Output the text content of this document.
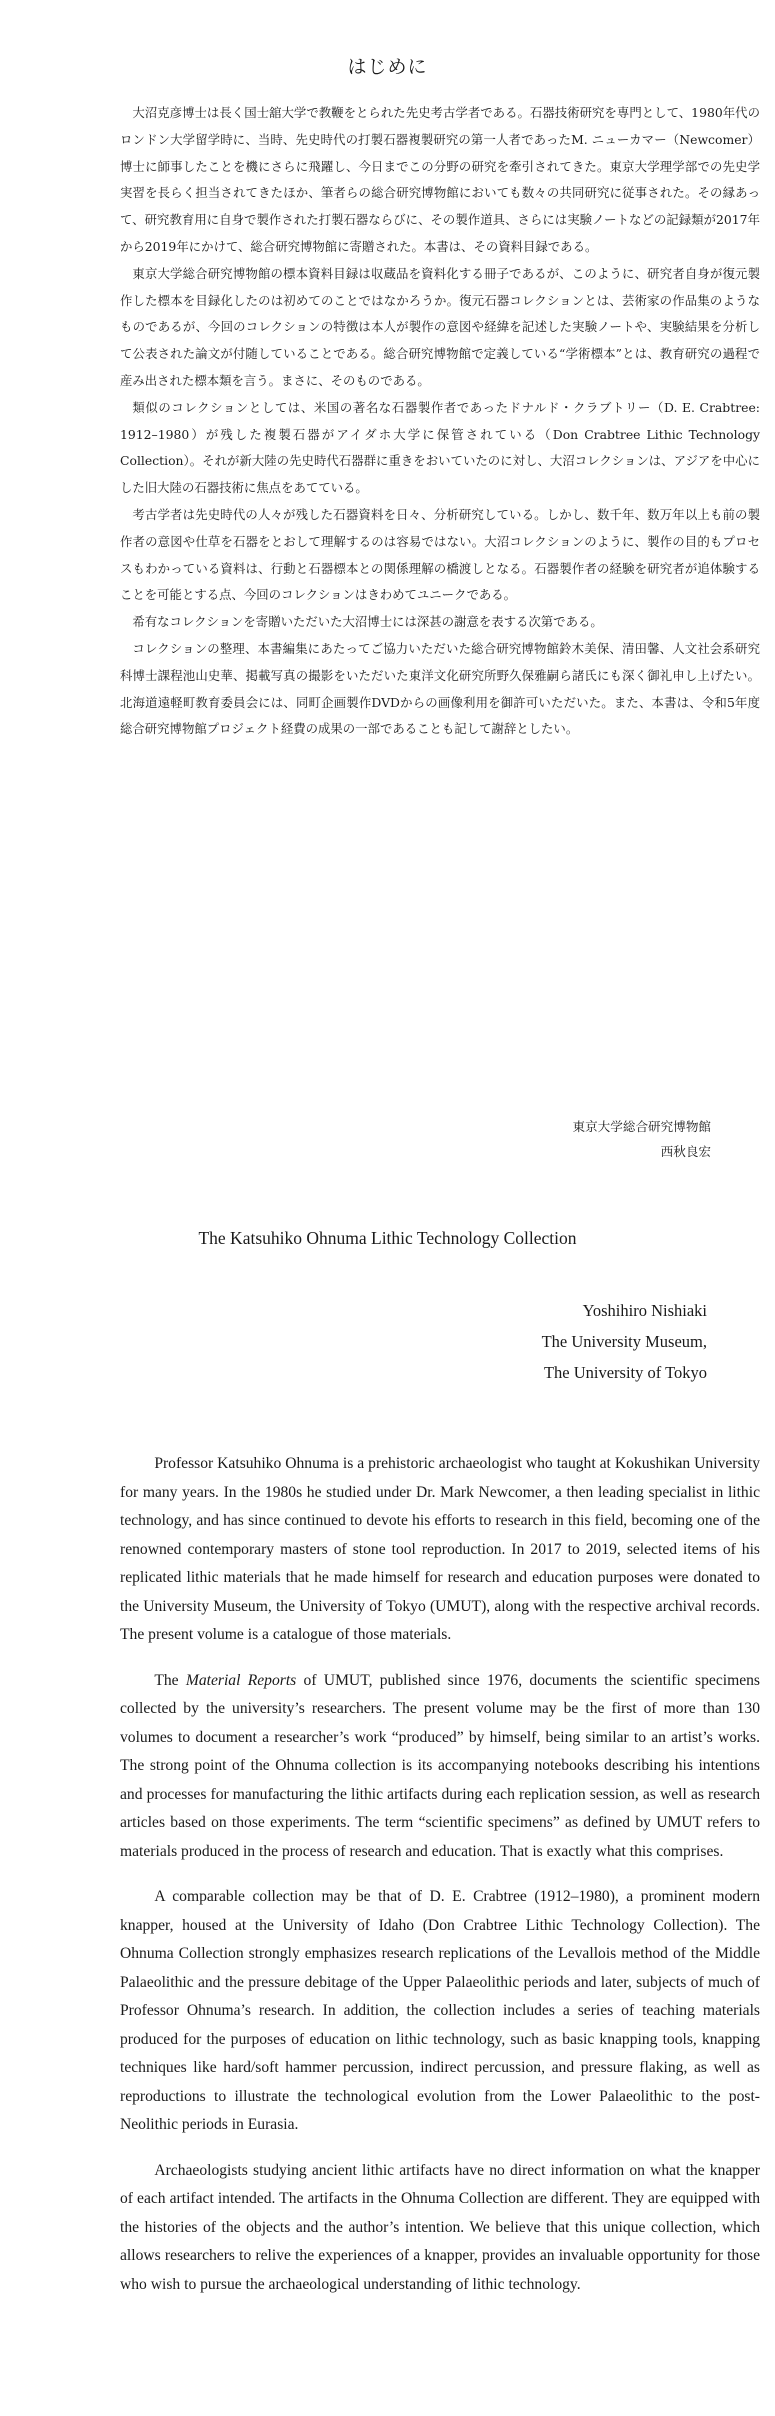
はじめに

大沼克彦博士は長く国士舘大学で教鞭をとられた先史考古学者である。石器技術研究を専門として、1980年代のロンドン大学留学時に、当時、先史時代の打製石器複製研究の第一人者であったM. ニューカマー（Newcomer）博士に師事したことを機にさらに飛躍し、今日までこの分野の研究を牽引されてきた。東京大学理学部での先史学実習を長らく担当されてきたほか、筆者らの総合研究博物館においても数々の共同研究に従事された。その縁あって、研究教育用に自身で製作された打製石器ならびに、その製作道具、さらには実験ノートなどの記録類が2017年から2019年にかけて、総合研究博物館に寄贈された。本書は、その資料目録である。

東京大学総合研究博物館の標本資料目録は収蔵品を資料化する冊子であるが、このように、研究者自身が復元製作した標本を目録化したのは初めてのことではなかろうか。復元石器コレクションとは、芸術家の作品集のようなものであるが、今回のコレクションの特徴は本人が製作の意図や経緯を記述した実験ノートや、実験結果を分析して公表された論文が付随していることである。総合研究博物館で定義している“学術標本”とは、教育研究の過程で産み出された標本類を言う。まさに、そのものである。

類似のコレクションとしては、米国の著名な石器製作者であったドナルド・クラブトリー（D. E. Crabtree: 1912–1980）が残した複製石器がアイダホ大学に保管されている（Don Crabtree Lithic Technology Collection）。それが新大陸の先史時代石器群に重きをおいていたのに対し、大沼コレクションは、アジアを中心にした旧大陸の石器技術に焦点をあてている。

考古学者は先史時代の人々が残した石器資料を日々、分析研究している。しかし、数千年、数万年以上も前の製作者の意図や仕草を石器をとおして理解するのは容易ではない。大沼コレクションのように、製作の目的もプロセスもわかっている資料は、行動と石器標本との関係理解の橋渡しとなる。石器製作者の経験を研究者が追体験することを可能とする点、今回のコレクションはきわめてユニークである。

希有なコレクションを寄贈いただいた大沼博士には深甚の謝意を表する次第である。

コレクションの整理、本書編集にあたってご協力いただいた総合研究博物館鈴木美保、清田馨、人文社会系研究科博士課程池山史華、掲載写真の撮影をいただいた東洋文化研究所野久保雅嗣ら諸氏にも深く御礼申し上げたい。北海道遠軽町教育委員会には、同町企画製作DVDからの画像利用を御許可いただいた。また、本書は、令和5年度総合研究博物館プロジェクト経費の成果の一部であることも記して謝辞としたい。

東京大学総合研究博物館
西秋良宏
The Katsuhiko Ohnuma Lithic Technology Collection
Yoshihiro Nishiaki
The University Museum,
The University of Tokyo

Professor Katsuhiko Ohnuma is a prehistoric archaeologist who taught at Kokushikan University for many years. In the 1980s he studied under Dr. Mark Newcomer, a then leading specialist in lithic technology, and has since continued to devote his efforts to research in this field, becoming one of the renowned contemporary masters of stone tool reproduction. In 2017 to 2019, selected items of his replicated lithic materials that he made himself for research and education purposes were donated to the University Museum, the University of Tokyo (UMUT), along with the respective archival records. The present volume is a catalogue of those materials.

The Material Reports of UMUT, published since 1976, documents the scientific specimens collected by the university’s researchers. The present volume may be the first of more than 130 volumes to document a researcher’s work “produced” by himself, being similar to an artist’s works. The strong point of the Ohnuma collection is its accompanying notebooks describing his intentions and processes for manufacturing the lithic artifacts during each replication session, as well as research articles based on those experiments. The term “scientific specimens” as defined by UMUT refers to materials produced in the process of research and education. That is exactly what this comprises.

A comparable collection may be that of D. E. Crabtree (1912–1980), a prominent modern knapper, housed at the University of Idaho (Don Crabtree Lithic Technology Collection). The Ohnuma Collection strongly emphasizes research replications of the Levallois method of the Middle Palaeolithic and the pressure debitage of the Upper Palaeolithic periods and later, subjects of much of Professor Ohnuma’s research. In addition, the collection includes a series of teaching materials produced for the purposes of education on lithic technology, such as basic knapping tools, knapping techniques like hard/soft hammer percussion, indirect percussion, and pressure flaking, as well as reproductions to illustrate the technological evolution from the Lower Palaeolithic to the post-Neolithic periods in Eurasia.

Archaeologists studying ancient lithic artifacts have no direct information on what the knapper of each artifact intended. The artifacts in the Ohnuma Collection are different. They are equipped with the histories of the objects and the author’s intention. We believe that this unique collection, which allows researchers to relive the experiences of a knapper, provides an invaluable opportunity for those who wish to pursue the archaeological understanding of lithic technology.
